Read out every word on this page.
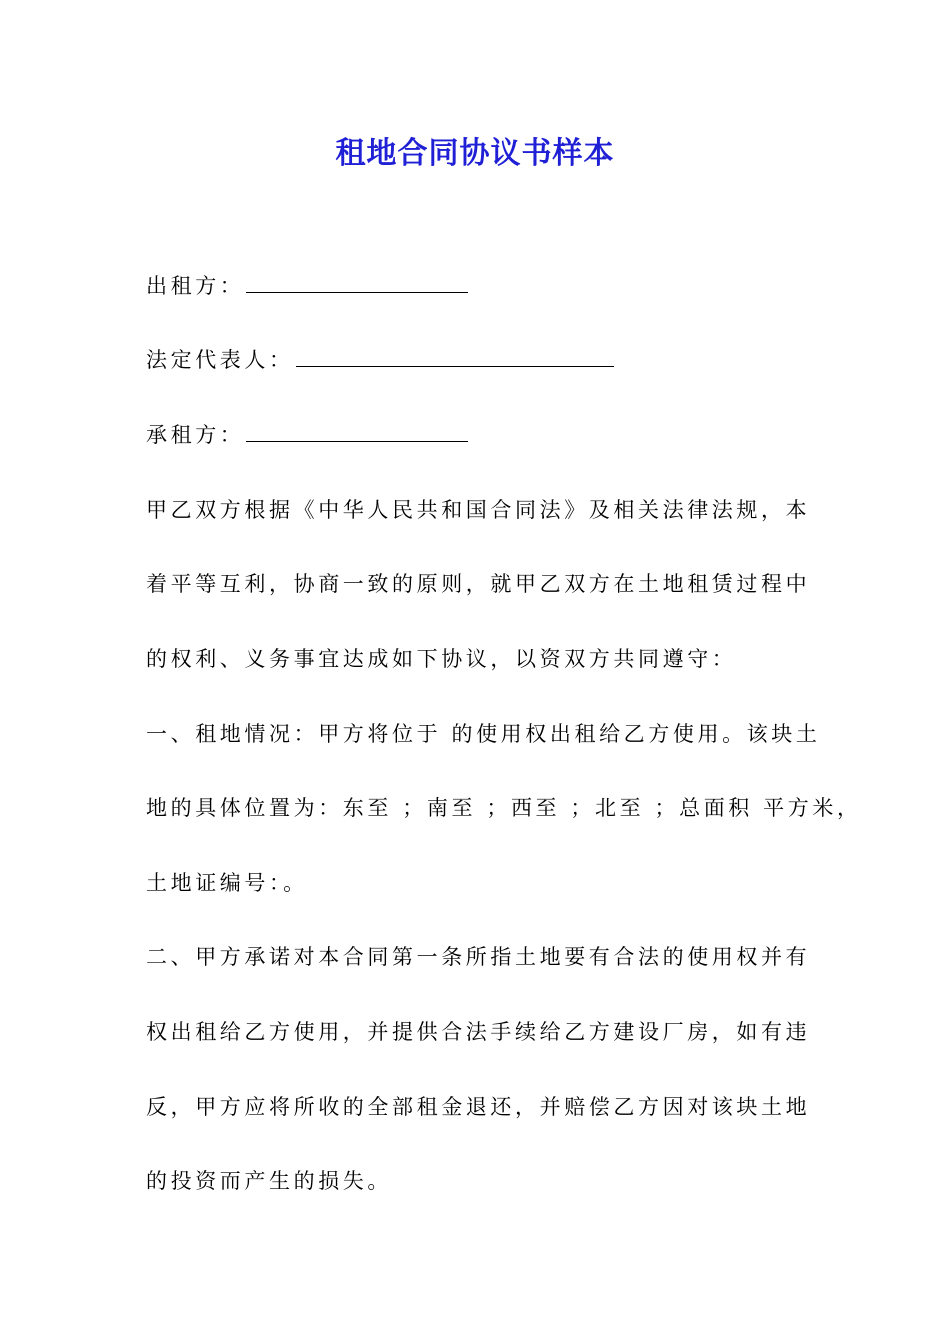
租地合同协议书样本

出租方：

法定代表人：

承租方：

甲乙双方根据《中华人民共和国合同法》及相关法律法规，本

着平等互利，协商一致的原则，就甲乙双方在土地租赁过程中

的权利、义务事宜达成如下协议，以资双方共同遵守：

一、租地情况：甲方将位于 的使用权出租给乙方使用。该块土

地的具体位置为：东至 ；南至 ；西至 ；北至 ；总面积 平方米，

土地证编号：。

二、甲方承诺对本合同第一条所指土地要有合法的使用权并有

权出租给乙方使用，并提供合法手续给乙方建设厂房，如有违

反，甲方应将所收的全部租金退还，并赔偿乙方因对该块土地

的投资而产生的损失。
